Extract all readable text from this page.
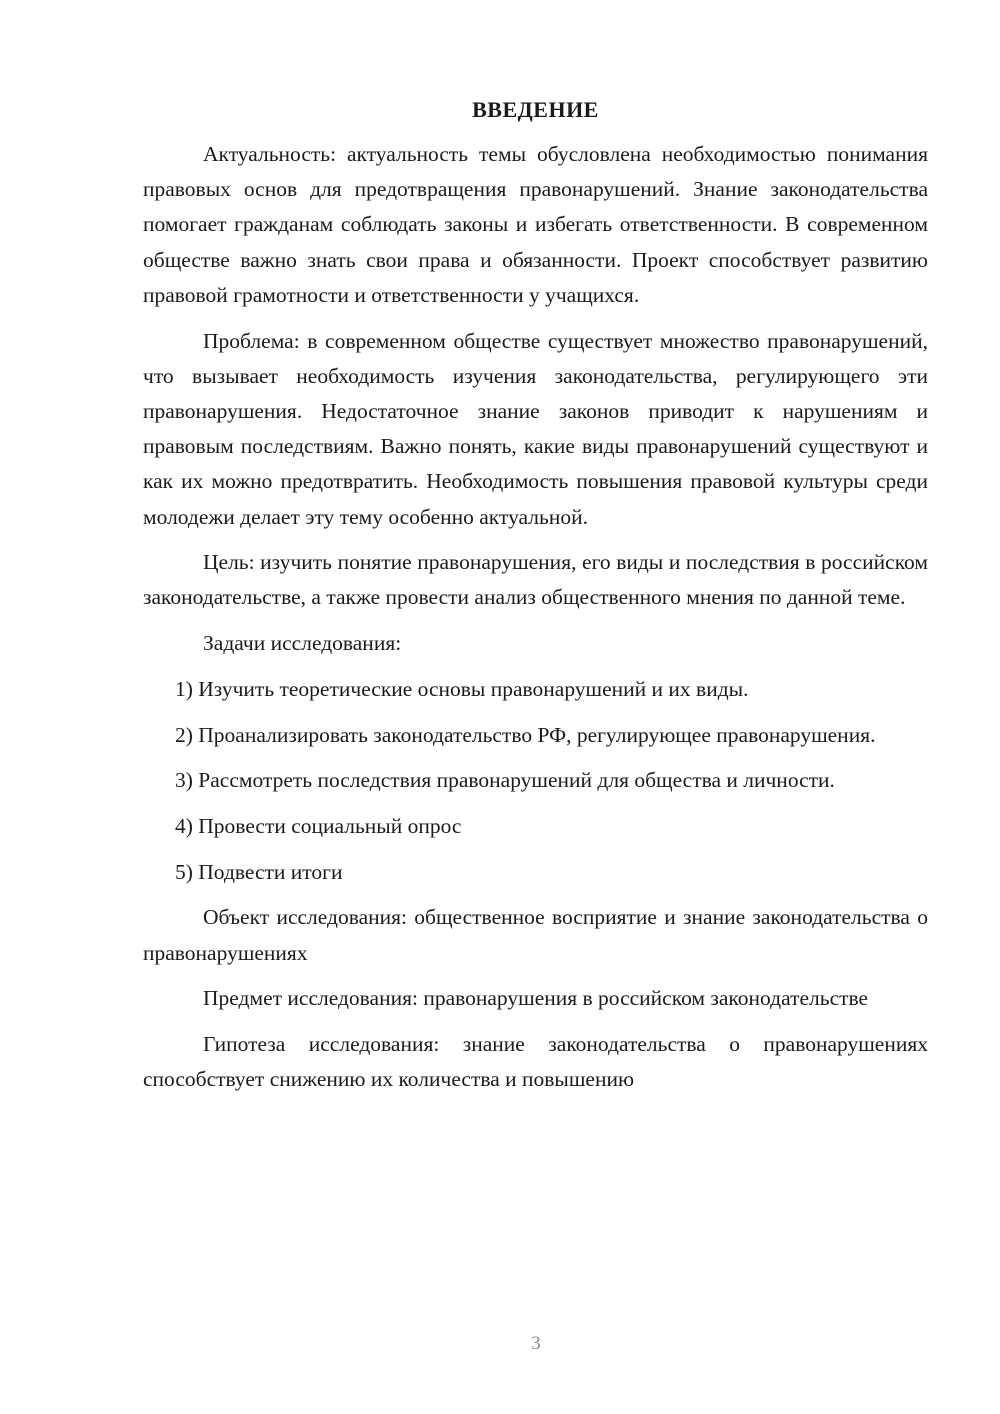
ВВЕДЕНИЕ

Актуальность: актуальность темы обусловлена необходимостью понимания правовых основ для предотвращения правонарушений. Знание законодательства помогает гражданам соблюдать законы и избегать ответственности. В современном обществе важно знать свои права и обязанности. Проект способствует развитию правовой грамотности и ответственности у учащихся.

Проблема: в современном обществе существует множество правонарушений, что вызывает необходимость изучения законодательства, регулирующего эти правонарушения. Недостаточное знание законов приводит к нарушениям и правовым последствиям. Важно понять, какие виды правонарушений существуют и как их можно предотвратить. Необходимость повышения правовой культуры среди молодежи делает эту тему особенно актуальной.

Цель: изучить понятие правонарушения, его виды и последствия в российском законодательстве, а также провести анализ общественного мнения по данной теме.

Задачи исследования:

1) Изучить теоретические основы правонарушений и их виды.

2) Проанализировать законодательство РФ, регулирующее правонарушения.

3) Рассмотреть последствия правонарушений для общества и личности.

4) Провести социальный опрос

5) Подвести итоги

Объект исследования: общественное восприятие и знание законодательства о правонарушениях

Предмет исследования: правонарушения в российском законодательстве

Гипотеза исследования: знание законодательства о правонарушениях способствует снижению их количества и повышению

3
